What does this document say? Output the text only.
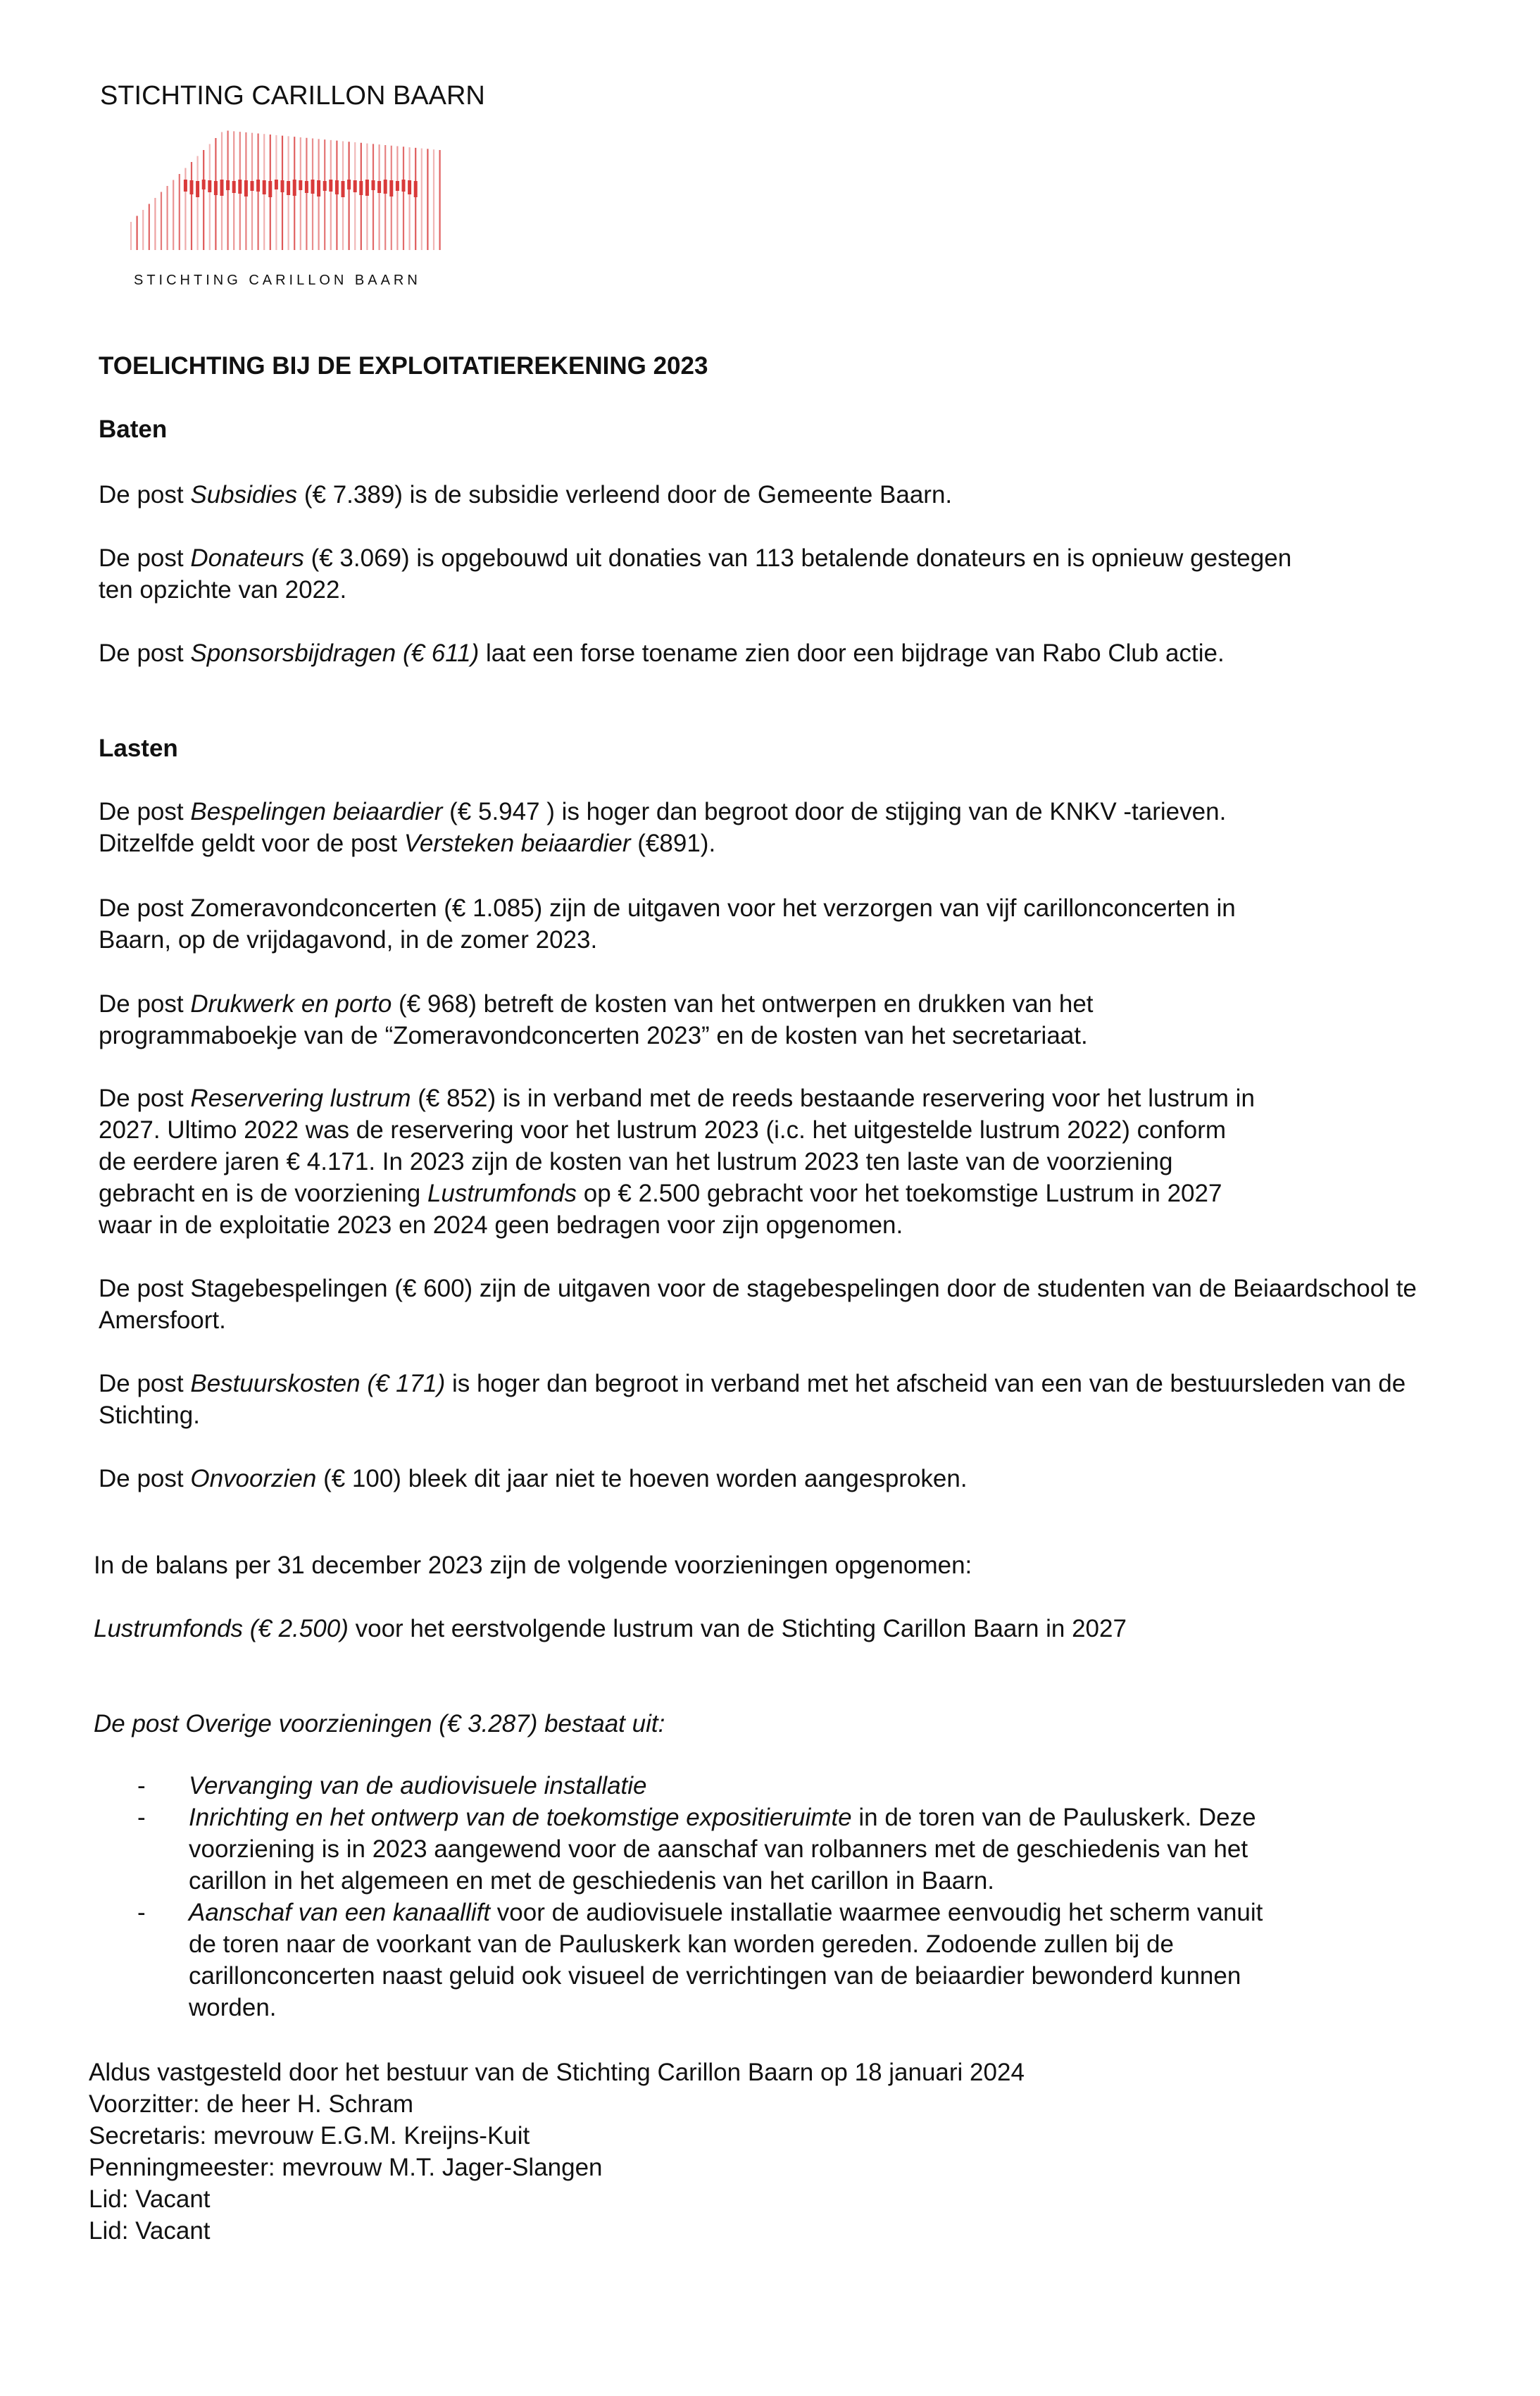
STICHTING CARILLON BAARN
STICHTING CARILLON BAARN
TOELICHTING BIJ DE EXPLOITATIEREKENING 2023
Baten
De post Subsidies (€ 7.389) is de subsidie verleend door de Gemeente Baarn.
De post Donateurs (€ 3.069) is opgebouwd uit donaties van 113 betalende donateurs en is opnieuw gestegen
ten opzichte van 2022.
De post Sponsorsbijdragen (€ 611) laat een forse toename zien door een bijdrage van Rabo Club actie.
Lasten
De post Bespelingen beiaardier (€ 5.947 ) is hoger dan begroot door de stijging van de KNKV -tarieven.
Ditzelfde geldt voor de post Versteken beiaardier (€891).
De post Zomeravondconcerten (€ 1.085) zijn de uitgaven voor het verzorgen van vijf carillonconcerten in
Baarn, op de vrijdagavond, in de zomer 2023.
De post Drukwerk en porto (€ 968) betreft de kosten van het ontwerpen en drukken van het
programmaboekje van de “Zomeravondconcerten 2023” en de kosten van het secretariaat.
De post Reservering lustrum (€ 852) is in verband met de reeds bestaande reservering voor het lustrum in
2027. Ultimo 2022 was de reservering voor het lustrum 2023 (i.c. het uitgestelde lustrum 2022) conform
de eerdere jaren € 4.171. In 2023 zijn de kosten van het lustrum 2023 ten laste van de voorziening
gebracht en is de voorziening Lustrumfonds op € 2.500 gebracht voor het toekomstige Lustrum in 2027
waar in de exploitatie 2023 en 2024 geen bedragen voor zijn opgenomen.
De post Stagebespelingen (€ 600) zijn de uitgaven voor de stagebespelingen door de studenten van de Beiaardschool te
Amersfoort.
De post Bestuurskosten (€ 171) is hoger dan begroot in verband met het afscheid van een van de bestuursleden van de
Stichting.
De post Onvoorzien (€ 100) bleek dit jaar niet te hoeven worden aangesproken.
In de balans per 31 december 2023 zijn de volgende voorzieningen opgenomen:
Lustrumfonds (€ 2.500) voor het eerstvolgende lustrum van de Stichting Carillon Baarn in 2027
De post Overige voorzieningen (€ 3.287) bestaat uit:
- Vervanging van de audiovisuele installatie
- Inrichting en het ontwerp van de toekomstige expositieruimte in de toren van de Pauluskerk. Deze
voorziening is in 2023 aangewend voor de aanschaf van rolbanners met de geschiedenis van het
carillon in het algemeen en met de geschiedenis van het carillon in Baarn.
- Aanschaf van een kanaallift voor de audiovisuele installatie waarmee eenvoudig het scherm vanuit
de toren naar de voorkant van de Pauluskerk kan worden gereden. Zodoende zullen bij de
carillonconcerten naast geluid ook visueel de verrichtingen van de beiaardier bewonderd kunnen
worden.
Aldus vastgesteld door het bestuur van de Stichting Carillon Baarn op 18 januari 2024
Voorzitter: de heer H. Schram
Secretaris: mevrouw E.G.M. Kreijns-Kuit
Penningmeester: mevrouw M.T. Jager-Slangen
Lid: Vacant
Lid: Vacant
